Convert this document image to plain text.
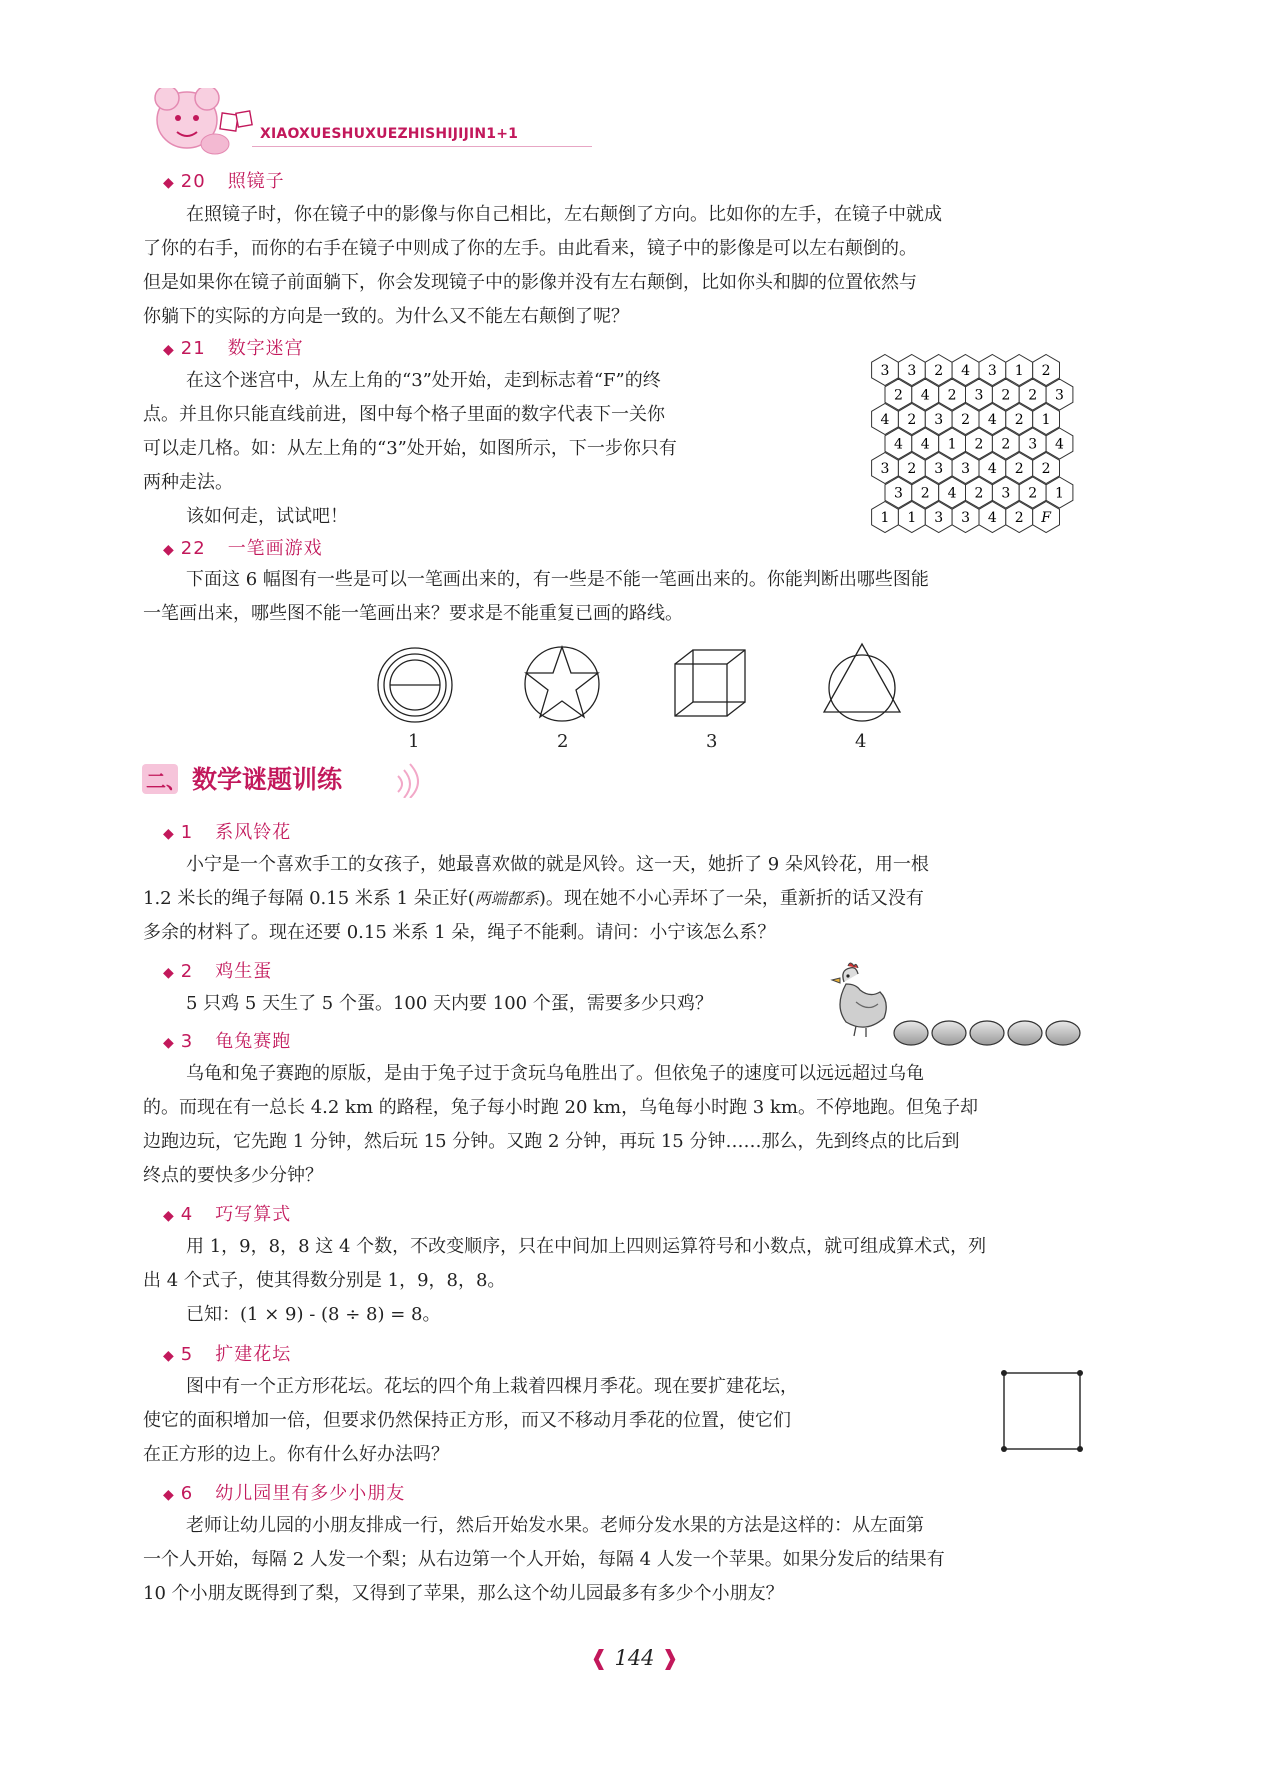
XIAOXUESHUXUEZHISHIJIJIN1+1
◆ 20 照镜子
在照镜子时，你在镜子中的影像与你自己相比，左右颠倒了方向。比如你的左手，在镜子中就成
了你的右手，而你的右手在镜子中则成了你的左手。由此看来，镜子中的影像是可以左右颠倒的。
但是如果你在镜子前面躺下，你会发现镜子中的影像并没有左右颠倒，比如你头和脚的位置依然与
你躺下的实际的方向是一致的。为什么又不能左右颠倒了呢？
◆ 21 数字迷宫
在这个迷宫中，从左上角的“3”处开始，走到标志着“F”的终
点。并且你只能直线前进，图中每个格子里面的数字代表下一关你
可以走几格。如：从左上角的“3”处开始，如图所示，下一步你只有
两种走法。
该如何走，试试吧！
3 3 2 4 3 1 2
2 4 2 3 2 2 3
4 2 3 2 4 2 1
4 4 1 2 2 3 4
3 2 3 3 4 2 2
3 2 4 2 3 2 1
1 1 3 3 4 2 F
◆ 22 一笔画游戏
下面这 6 幅图有一些是可以一笔画出来的，有一些是不能一笔画出来的。你能判断出哪些图能
一笔画出来，哪些图不能一笔画出来？要求是不能重复已画的路线。
1	2	3	4
二、 数学谜题训练
◆ 1 系风铃花
小宁是一个喜欢手工的女孩子，她最喜欢做的就是风铃。这一天，她折了 9 朵风铃花，用一根
1.2 米长的绳子每隔 0.15 米系 1 朵正好(两端都系)。现在她不小心弄坏了一朵，重新折的话又没有
多余的材料了。现在还要 0.15 米系 1 朵，绳子不能剩。请问：小宁该怎么系？
◆ 2 鸡生蛋
5 只鸡 5 天生了 5 个蛋。100 天内要 100 个蛋，需要多少只鸡？
◆ 3 龟兔赛跑
乌龟和兔子赛跑的原版，是由于兔子过于贪玩乌龟胜出了。但依兔子的速度可以远远超过乌龟
的。而现在有一总长 4.2 km 的路程，兔子每小时跑 20 km，乌龟每小时跑 3 km。不停地跑。但兔子却
边跑边玩，它先跑 1 分钟，然后玩 15 分钟。又跑 2 分钟，再玩 15 分钟……那么，先到终点的比后到
终点的要快多少分钟？
◆ 4 巧写算式
用 1，9，8，8 这 4 个数，不改变顺序，只在中间加上四则运算符号和小数点，就可组成算术式，列
出 4 个式子，使其得数分别是 1，9，8，8。
已知：(1 × 9) - (8 ÷ 8) = 8。
◆ 5 扩建花坛
图中有一个正方形花坛。花坛的四个角上栽着四棵月季花。现在要扩建花坛，
使它的面积增加一倍，但要求仍然保持正方形，而又不移动月季花的位置，使它们
在正方形的边上。你有什么好办法吗？
◆ 6 幼儿园里有多少小朋友
老师让幼儿园的小朋友排成一行，然后开始发水果。老师分发水果的方法是这样的：从左面第
一个人开始，每隔 2 人发一个梨；从右边第一个人开始，每隔 4 人发一个苹果。如果分发后的结果有
10 个小朋友既得到了梨，又得到了苹果，那么这个幼儿园最多有多少个小朋友？
❰ 144 ❱
